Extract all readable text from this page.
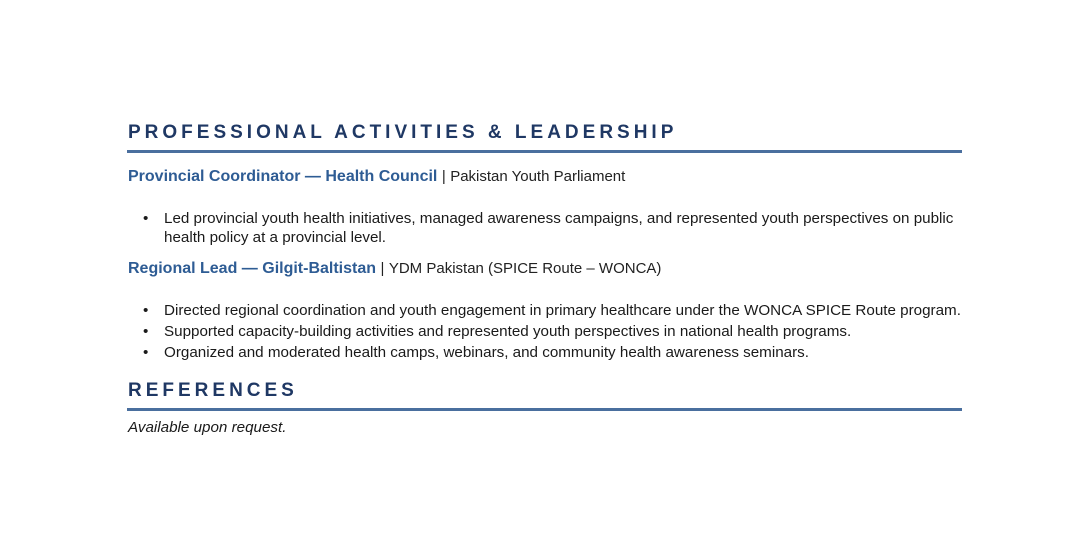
PROFESSIONAL ACTIVITIES & LEADERSHIP

Provincial Coordinator — Health Council | Pakistan Youth Parliament

• Led provincial youth health initiatives, managed awareness campaigns, and represented youth perspectives on public health policy at a provincial level.

Regional Lead — Gilgit-Baltistan | YDM Pakistan (SPICE Route – WONCA)

• Directed regional coordination and youth engagement in primary healthcare under the WONCA SPICE Route program.
• Supported capacity-building activities and represented youth perspectives in national health programs.
• Organized and moderated health camps, webinars, and community health awareness seminars.
REFERENCES

Available upon request.
